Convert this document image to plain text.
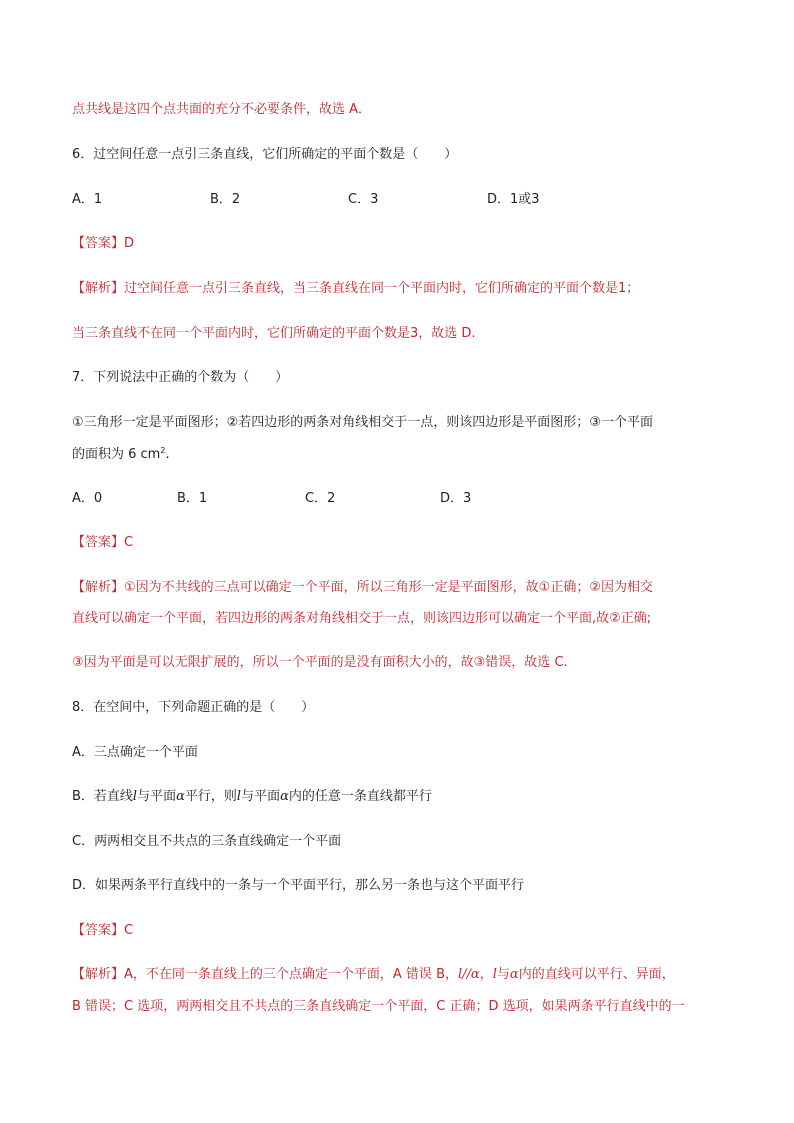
点共线是这四个点共面的充分不必要条件，故选 A．
6．过空间任意一点引三条直线，它们所确定的平面个数是（　　）
A．1	B．2	C．3	D．1或3
【答案】D
【解析】过空间任意一点引三条直线，当三条直线在同一个平面内时，它们所确定的平面个数是1；
当三条直线不在同一个平面内时，它们所确定的平面个数是3，故选 D.
7．下列说法中正确的个数为（　　）
①三角形一定是平面图形；②若四边形的两条对角线相交于一点，则该四边形是平面图形；③一个平面
的面积为 6 $cm^2$.
A．0	B．1	C．2	D．3
【答案】C
【解析】①因为不共线的三点可以确定一个平面，所以三角形一定是平面图形，故①正确；②因为相交
直线可以确定一个平面，若四边形的两条对角线相交于一点，则该四边形可以确定一个平面,故②正确;
③因为平面是可以无限扩展的，所以一个平面的是没有面积大小的，故③错误，故选 C.
8．在空间中，下列命题正确的是（　　）
A．三点确定一个平面
B．若直线l与平面α平行，则l与平面α内的任意一条直线都平行
C．两两相交且不共点的三条直线确定一个平面
D．如果两条平行直线中的一条与一个平面平行，那么另一条也与这个平面平行
【答案】C
【解析】A，不在同一条直线上的三个点确定一个平面，A 错误 B，l//α，l与α内的直线可以平行、异面，
B 错误；C 选项，两两相交且不共点的三条直线确定一个平面，C 正确；D 选项，如果两条平行直线中的一
